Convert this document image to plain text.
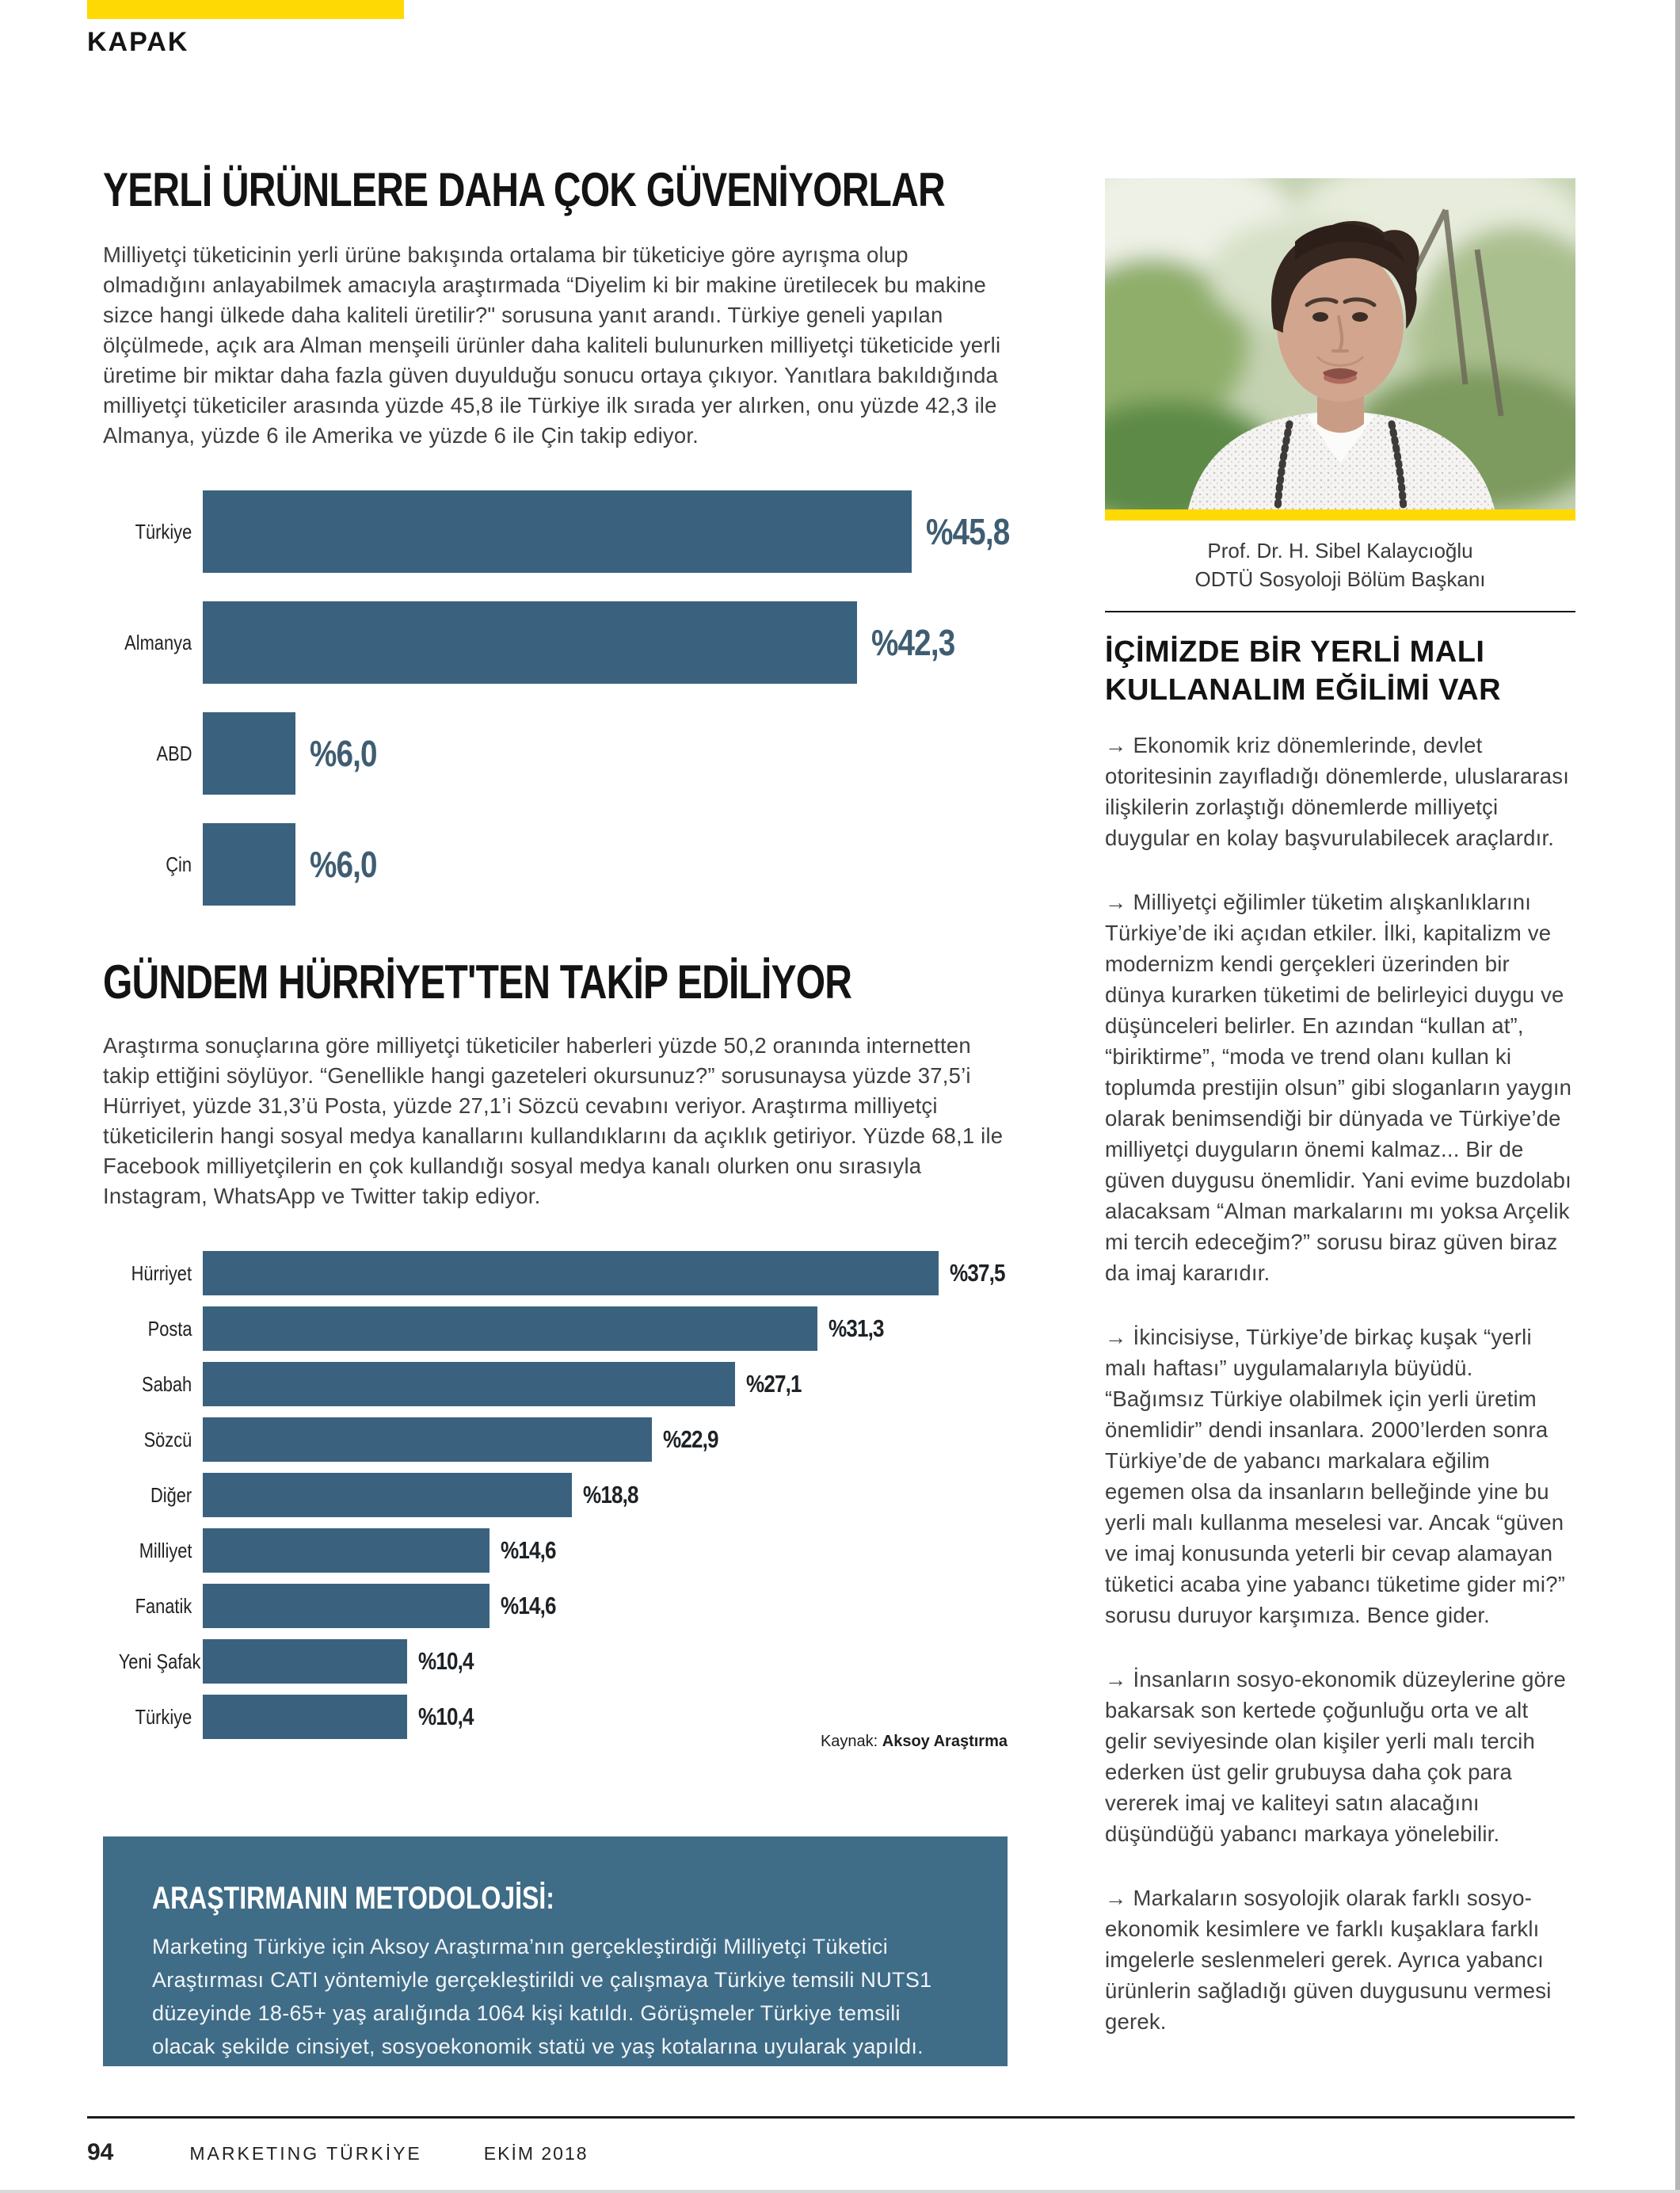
KAPAK
YERLİ ÜRÜNLERE DAHA ÇOK GÜVENİYORLAR

Milliyetçi tüketicinin yerli ürüne bakışında ortalama bir tüketiciye göre ayrışma olup olmadığını anlayabilmek amacıyla araştırmada “Diyelim ki bir makine üretilecek bu makine sizce hangi ülkede daha kaliteli üretilir?" sorusuna yanıt arandı. Türkiye geneli yapılan ölçülmede, açık ara Alman menşeili ürünler daha kaliteli bulunurken milliyetçi tüketicide yerli üretime bir miktar daha fazla güven duyulduğu sonucu ortaya çıkıyor. Yanıtlara bakıldığında milliyetçi tüketiciler arasında yüzde 45,8 ile Türkiye ilk sırada yer alırken, onu yüzde 42,3 ile Almanya, yüzde 6 ile Amerika ve yüzde 6 ile Çin takip ediyor.

Türkiye	%45,8
Almanya	%42,3
ABD	%6,0
Çin	%6,0
GÜNDEM HÜRRİYET'TEN TAKİP EDİLİYOR

Araştırma sonuçlarına göre milliyetçi tüketiciler haberleri yüzde 50,2 oranında internetten takip ettiğini söylüyor. “Genellikle hangi gazeteleri okursunuz?” sorusunaysa yüzde 37,5’i Hürriyet, yüzde 31,3’ü Posta, yüzde 27,1’i Sözcü cevabını veriyor. Araştırma milliyetçi tüketicilerin hangi sosyal medya kanallarını kullandıklarını da açıklık getiriyor. Yüzde 68,1 ile Facebook milliyetçilerin en çok kullandığı sosyal medya kanalı olurken onu sırasıyla Instagram, WhatsApp ve Twitter takip ediyor.

Hürriyet	%37,5
Posta	%31,3
Sabah	%27,1
Sözcü	%22,9
Diğer	%18,8
Milliyet	%14,6
Fanatik	%14,6
Yeni Şafak	%10,4
Türkiye	%10,4
Kaynak: Aksoy Araştırma
ARAŞTIRMANIN METODOLOJİSİ:

Marketing Türkiye için Aksoy Araştırma’nın gerçekleştirdiği Milliyetçi Tüketici Araştırması CATI yöntemiyle gerçekleştirildi ve çalışmaya Türkiye temsili NUTS1 düzeyinde 18-65+ yaş aralığında 1064 kişi katıldı. Görüşmeler Türkiye temsili olacak şekilde cinsiyet, sosyoekonomik statü ve yaş kotalarına uyularak yapıldı.

Prof. Dr. H. Sibel Kalaycıoğlu
ODTÜ Sosyoloji Bölüm Başkanı
İÇİMİZDE BİR YERLİ MALI
KULLANALIM EĞİLİMİ VAR

→ Ekonomik kriz dönemlerinde, devlet otoritesinin zayıfladığı dönemlerde, uluslararası ilişkilerin zorlaştığı dönemlerde milliyetçi duygular en kolay başvurulabilecek araçlardır.

→ Milliyetçi eğilimler tüketim alışkanlıklarını Türkiye’de iki açıdan etkiler. İlki, kapitalizm ve modernizm kendi gerçekleri üzerinden bir dünya kurarken tüketimi de belirleyici duygu ve düşünceleri belirler. En azından “kullan at”, “biriktirme”, “moda ve trend olanı kullan ki toplumda prestijin olsun” gibi sloganların yaygın olarak benimsendiği bir dünyada ve Türkiye’de milliyetçi duyguların önemi kalmaz... Bir de güven duygusu önemlidir. Yani evime buzdolabı alacaksam “Alman markalarını mı yoksa Arçelik mi tercih edeceğim?” sorusu biraz güven biraz da imaj kararıdır.

→ İkincisiyse, Türkiye’de birkaç kuşak “yerli malı haftası” uygulamalarıyla büyüdü. “Bağımsız Türkiye olabilmek için yerli üretim önemlidir” dendi insanlara. 2000’lerden sonra Türkiye’de de yabancı markalara eğilim egemen olsa da insanların belleğinde yine bu yerli malı kullanma meselesi var. Ancak “güven ve imaj konusunda yeterli bir cevap alamayan tüketici acaba yine yabancı tüketime gider mi?” sorusu duruyor karşımıza. Bence gider.

→ İnsanların sosyo-ekonomik düzeylerine göre bakarsak son kertede çoğunluğu orta ve alt gelir seviyesinde olan kişiler yerli malı tercih ederken üst gelir grubuysa daha çok para vererek imaj ve kaliteyi satın alacağını düşündüğü yabancı markaya yönelebilir.

→ Markaların sosyolojik olarak farklı sosyo-ekonomik kesimlere ve farklı kuşaklara farklı imgelerle seslenmeleri gerek. Ayrıca yabancı ürünlerin sağladığı güven duygusunu vermesi gerek.

94	MARKETING TÜRKİYE	EKİM 2018
